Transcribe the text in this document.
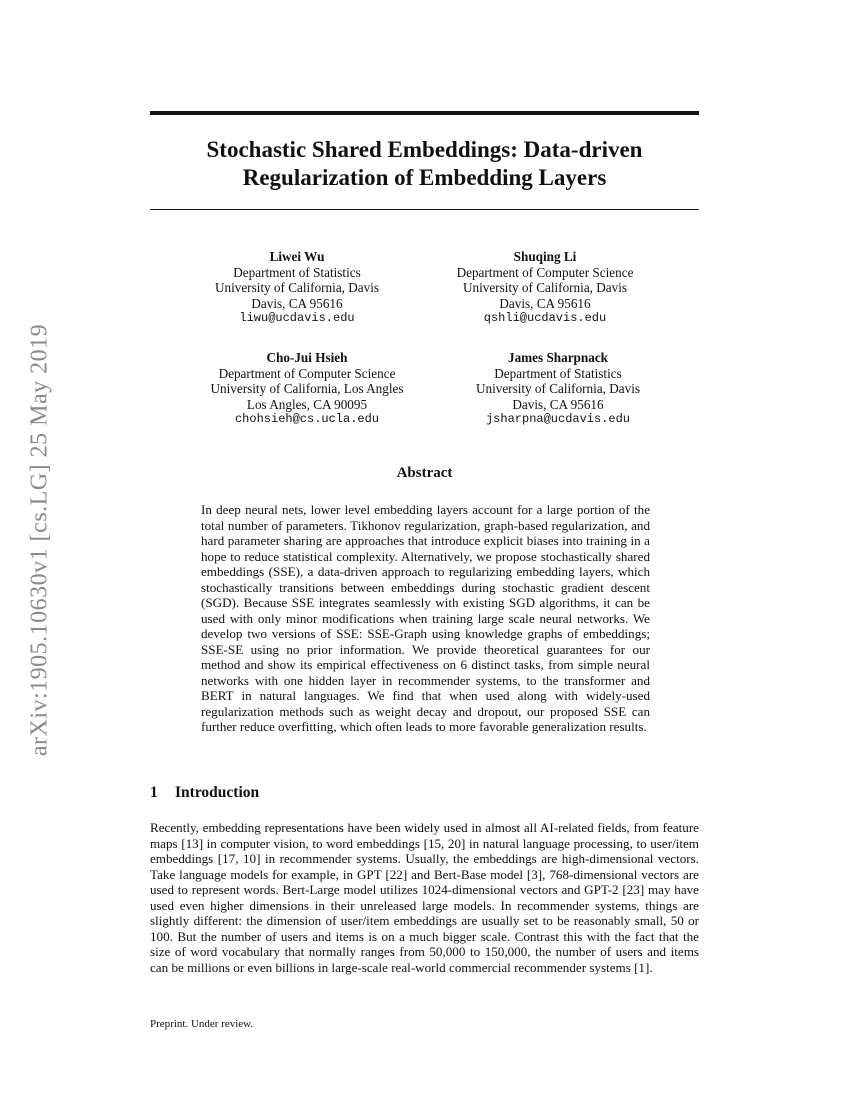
arXiv:1905.10630v1 [cs.LG] 25 May 2019
Stochastic Shared Embeddings: Data-driven
Regularization of Embedding Layers
Liwei Wu
Department of Statistics
University of California, Davis
Davis, CA 95616
liwu@ucdavis.edu
Shuqing Li
Department of Computer Science
University of California, Davis
Davis, CA 95616
qshli@ucdavis.edu
Cho-Jui Hsieh
Department of Computer Science
University of California, Los Angles
Los Angles, CA 90095
chohsieh@cs.ucla.edu
James Sharpnack
Department of Statistics
University of California, Davis
Davis, CA 95616
jsharpna@ucdavis.edu
Abstract
In deep neural nets, lower level embedding layers account for a large portion of the total number of parameters. Tikhonov regularization, graph-based regularization, and hard parameter sharing are approaches that introduce explicit biases into training in a hope to reduce statistical complexity. Alternatively, we propose stochastically shared embeddings (SSE), a data-driven approach to regularizing embedding layers, which stochastically transitions between embeddings during stochastic gradient descent (SGD). Because SSE integrates seamlessly with existing SGD algorithms, it can be used with only minor modifications when training large scale neural networks. We develop two versions of SSE: SSE-Graph using knowledge graphs of embeddings; SSE-SE using no prior information. We provide theoretical guarantees for our method and show its empirical effectiveness on 6 distinct tasks, from simple neural networks with one hidden layer in recommender systems, to the transformer and BERT in natural languages. We find that when used along with widely-used regularization methods such as weight decay and dropout, our proposed SSE can further reduce overfitting, which often leads to more favorable generalization results.
1 Introduction
Recently, embedding representations have been widely used in almost all AI-related fields, from feature maps [13] in computer vision, to word embeddings [15, 20] in natural language processing, to user/item embeddings [17, 10] in recommender systems. Usually, the embeddings are high-dimensional vectors. Take language models for example, in GPT [22] and Bert-Base model [3], 768-dimensional vectors are used to represent words. Bert-Large model utilizes 1024-dimensional vectors and GPT-2 [23] may have used even higher dimensions in their unreleased large models. In recommender systems, things are slightly different: the dimension of user/item embeddings are usually set to be reasonably small, 50 or 100. But the number of users and items is on a much bigger scale. Contrast this with the fact that the size of word vocabulary that normally ranges from 50,000 to 150,000, the number of users and items can be millions or even billions in large-scale real-world commercial recommender systems [1].
Preprint. Under review.
